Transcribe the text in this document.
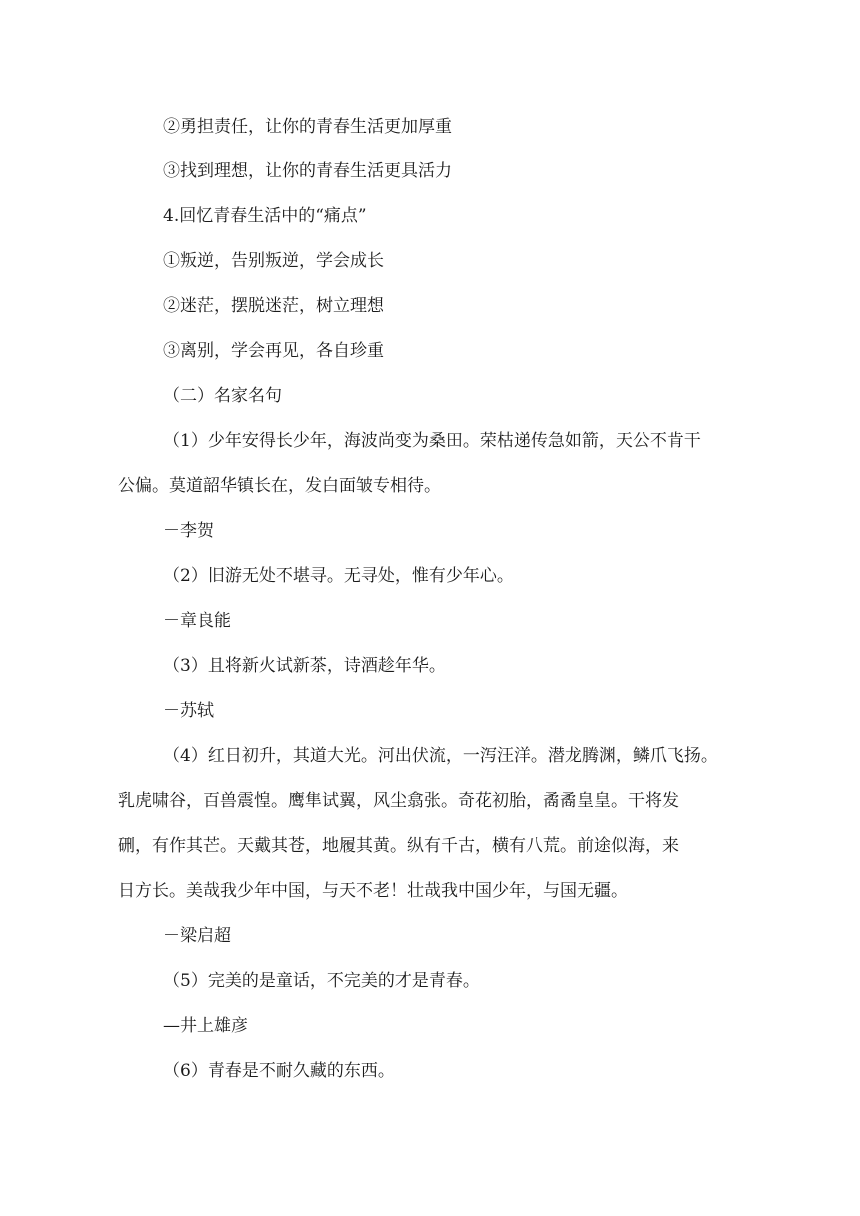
②勇担责任，让你的青春生活更加厚重
③找到理想，让你的青春生活更具活力
4.回忆青春生活中的“痛点”
①叛逆，告别叛逆，学会成长
②迷茫，摆脱迷茫，树立理想
③离别，学会再见，各自珍重
（二）名家名句
（1）少年安得长少年，海波尚变为桑田。荣枯递传急如箭，天公不肯干
公偏。莫道韶华镇长在，发白面皱专相待。
－李贺
（2）旧游无处不堪寻。无寻处，惟有少年心。
－章良能
（3）且将新火试新茶，诗酒趁年华。
－苏轼
（4）红日初升，其道大光。河出伏流，一泻汪洋。潜龙腾渊，鳞爪飞扬。
乳虎啸谷，百兽震惶。鹰隼试翼，风尘翕张。奇花初胎，矞矞皇皇。干将发
硎，有作其芒。天戴其苍，地履其黄。纵有千古，横有八荒。前途似海，来
日方长。美哉我少年中国，与天不老！壮哉我中国少年，与国无疆。
－梁启超
（5）完美的是童话，不完美的才是青春。
—井上雄彦
（6）青春是不耐久藏的东西。
